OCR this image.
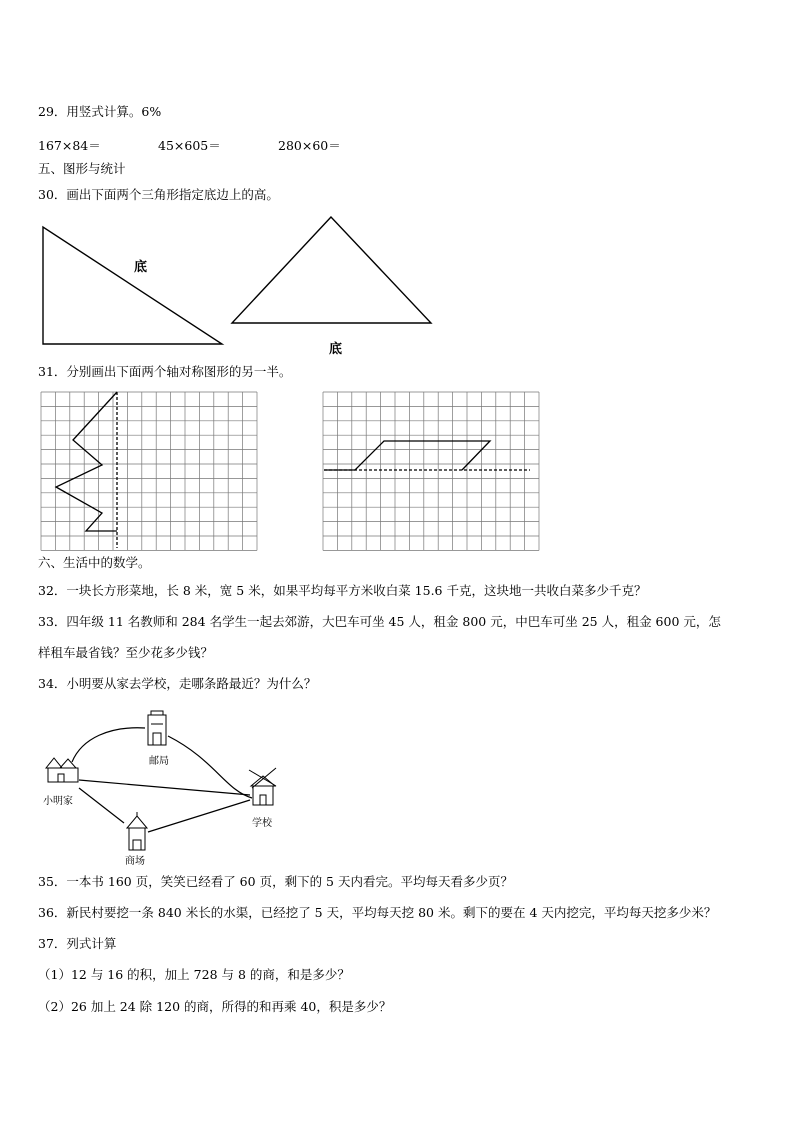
29．用竖式计算。6%
167×84＝	45×605＝	280×60＝
五、图形与统计
30．画出下面两个三角形指定底边上的高。
底
底
31．分别画出下面两个轴对称图形的另一半。
六、生活中的数学。
32．一块长方形菜地，长 8 米，宽 5 米，如果平均每平方米收白菜 15.6 千克，这块地一共收白菜多少千克？
33．四年级 11 名教师和 284 名学生一起去郊游，大巴车可坐 45 人，租金 800 元，中巴车可坐 25 人，租金 600 元，怎
样租车最省钱？至少花多少钱？
34．小明要从家去学校，走哪条路最近？为什么？
小明家
邮局
学校
商场
35．一本书 160 页，笑笑已经看了 60 页，剩下的 5 天内看完。平均每天看多少页？
36．新民村要挖一条 840 米长的水渠，已经挖了 5 天，平均每天挖 80 米。剩下的要在 4 天内挖完，平均每天挖多少米？
37．列式计算
（1）12 与 16 的积，加上 728 与 8 的商，和是多少？
（2）26 加上 24 除 120 的商，所得的和再乘 40，积是多少？
